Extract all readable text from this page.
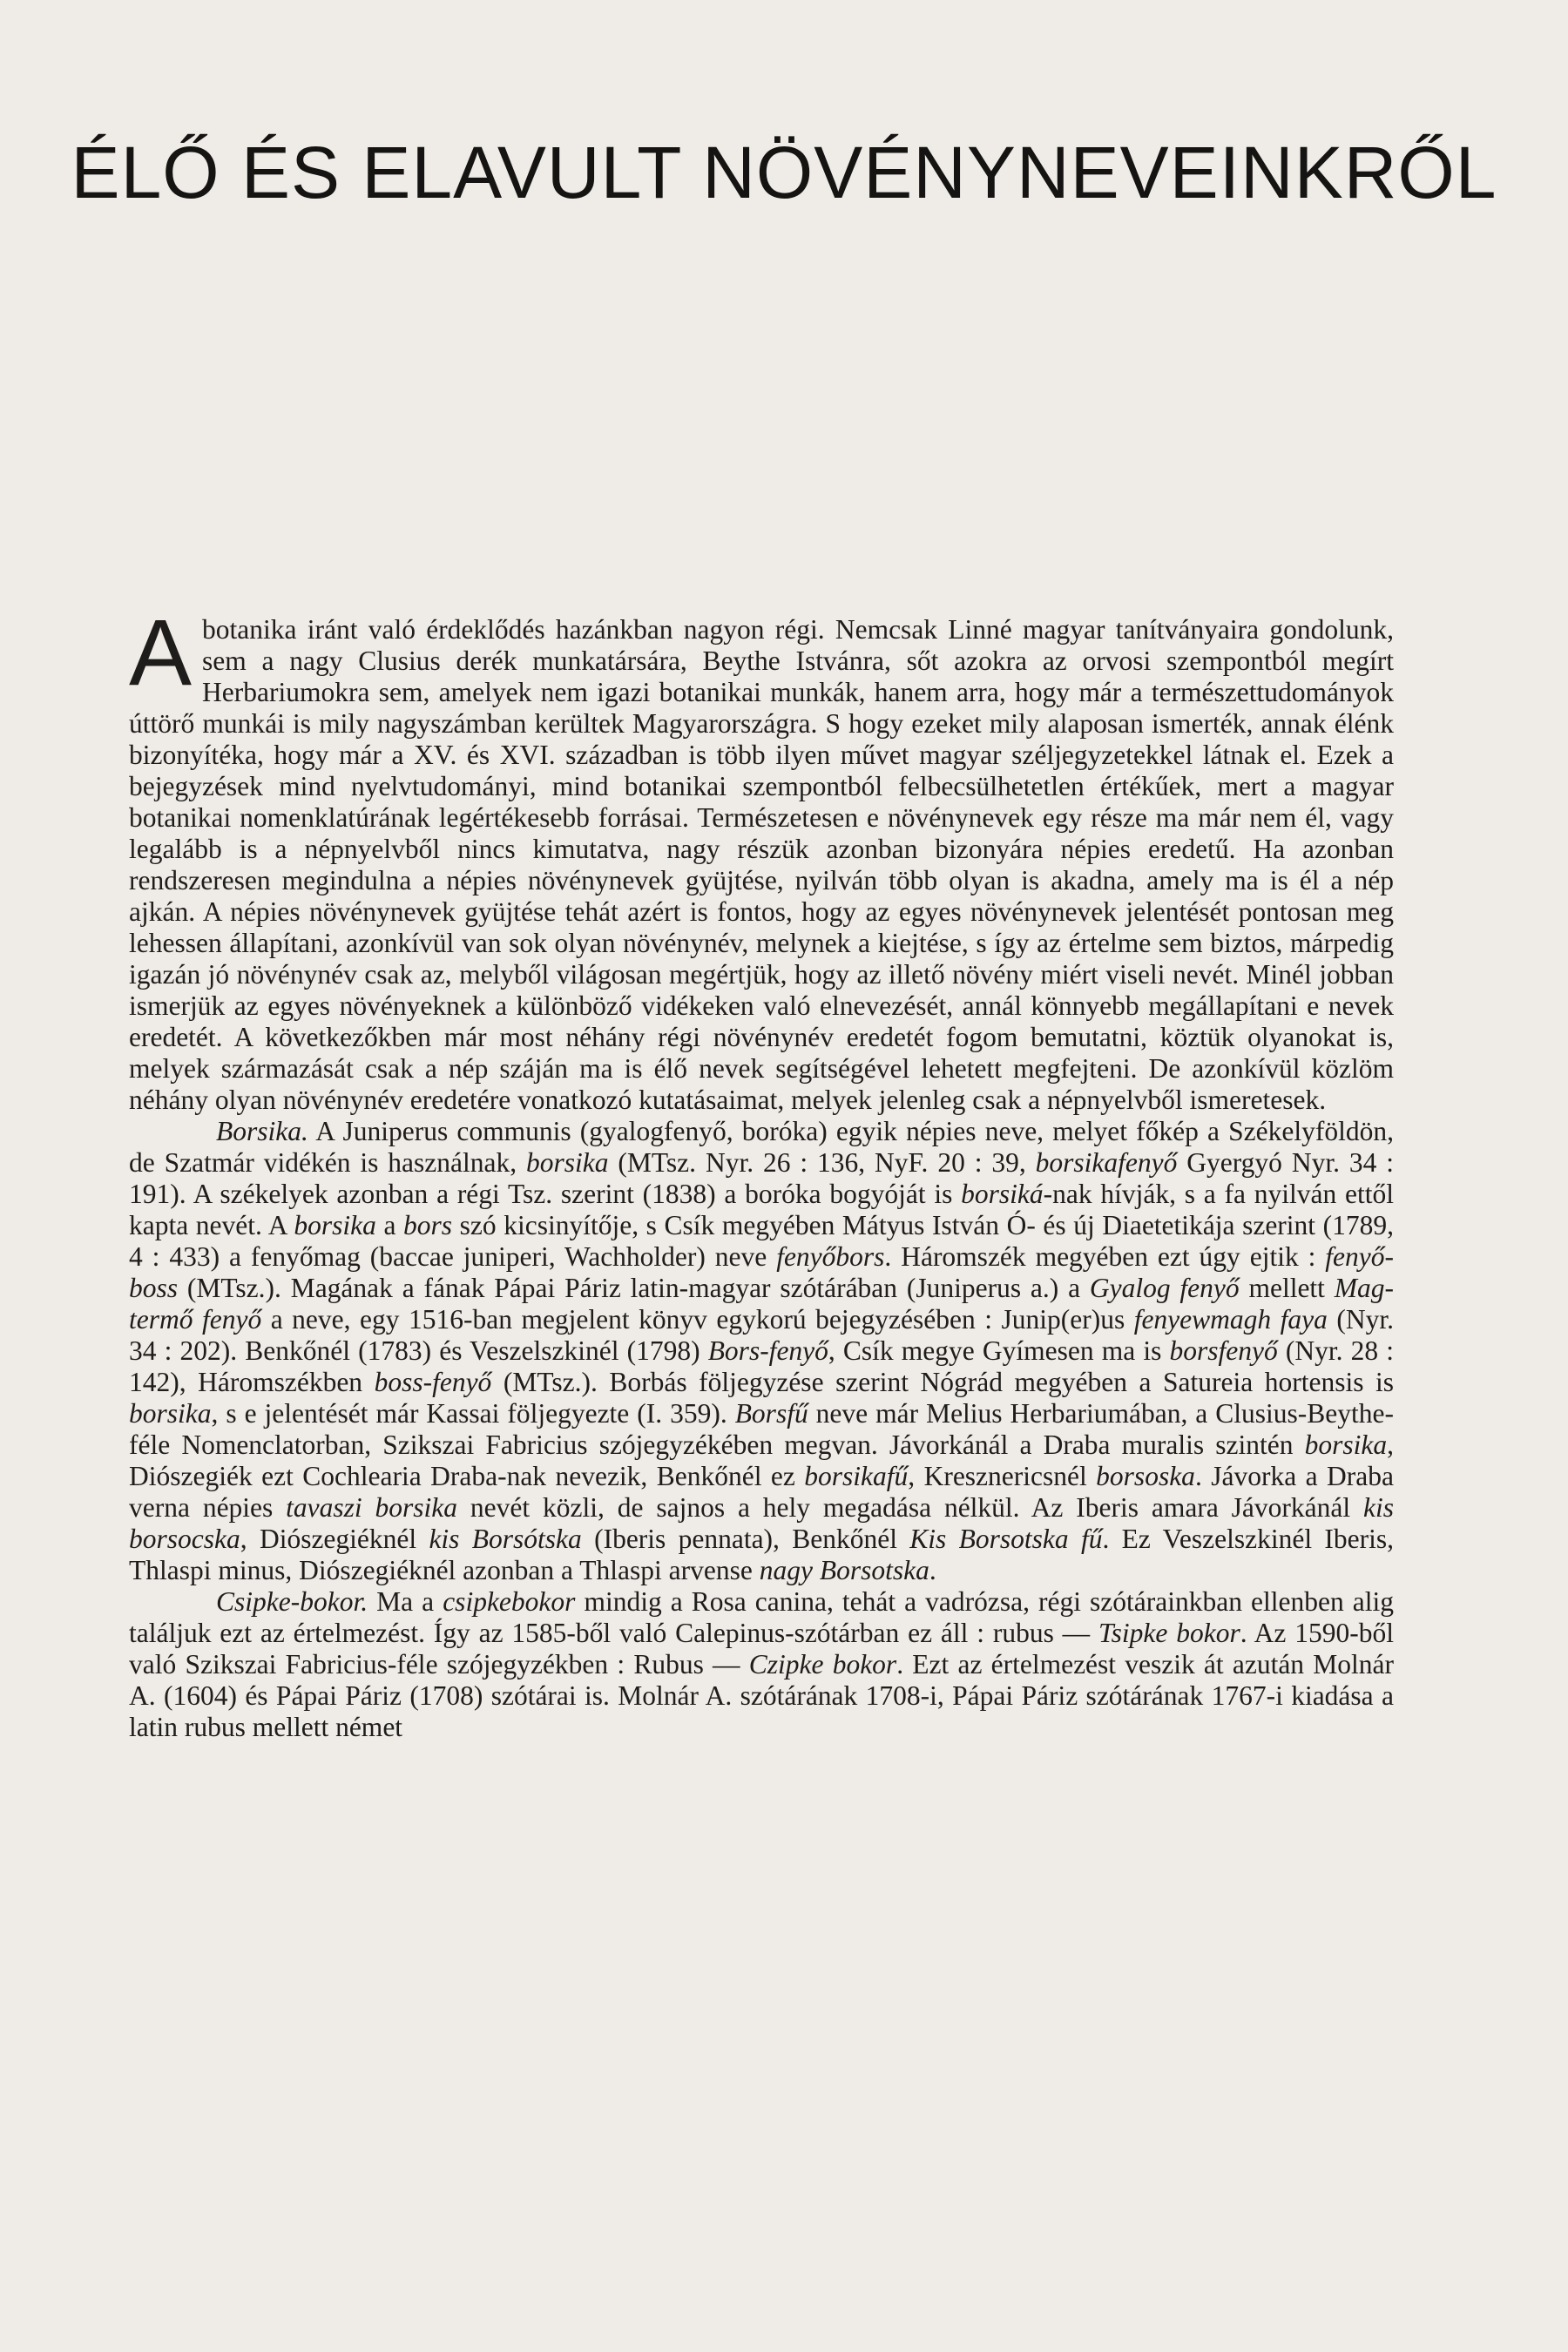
ÉLŐ ÉS ELAVULT NÖVÉNYNEVEINKRŐL

A botanika iránt való érdeklődés hazánkban nagyon régi. Nemcsak Linné magyar tanítványaira gondolunk, sem a nagy Clusius derék munkatársára, Beythe Istvánra, sőt azokra az orvosi szempontból megírt Herbariumokra sem, amelyek nem igazi botanikai munkák, hanem arra, hogy már a természettudományok úttörő munkái is mily nagyszámban kerültek Magyarországra. S hogy ezeket mily alaposan ismerték, annak élénk bizonyítéka, hogy már a XV. és XVI. században is több ilyen művet magyar széljegyzetekkel látnak el. Ezek a bejegyzések mind nyelvtudományi, mind botanikai szempontból felbecsülhetetlen értékűek, mert a magyar botanikai nomenklatúrának legértékesebb forrásai. Természetesen e növénynevek egy része ma már nem él, vagy legalább is a népnyelvből nincs kimutatva, nagy részük azonban bizonyára népies eredetű. Ha azonban rendszeresen megindulna a népies növénynevek gyüjtése, nyilván több olyan is akadna, amely ma is él a nép ajkán. A népies növénynevek gyüjtése tehát azért is fontos, hogy az egyes növénynevek jelentését pontosan meg lehessen állapítani, azonkívül van sok olyan növénynév, melynek a kiejtése, s így az értelme sem biztos, márpedig igazán jó növénynév csak az, melyből világosan megértjük, hogy az illető növény miért viseli nevét. Minél jobban ismerjük az egyes növényeknek a különböző vidékeken való elnevezését, annál könnyebb megállapítani e nevek eredetét. A következőkben már most néhány régi növénynév eredetét fogom bemutatni, köztük olyanokat is, melyek származását csak a nép száján ma is élő nevek segítségével lehetett megfejteni. De azonkívül közlöm néhány olyan növénynév eredetére vonatkozó kutatásaimat, melyek jelenleg csak a népnyelvből ismeretesek.

Borsika. A Juniperus communis (gyalogfenyő, boróka) egyik népies neve, melyet főkép a Székelyföldön, de Szatmár vidékén is használnak, borsika (MTsz. Nyr. 26 : 136, NyF. 20 : 39, borsikafenyő Gyergyó Nyr. 34 : 191). A székelyek azonban a régi Tsz. szerint (1838) a boróka bogyóját is borsiká-nak hívják, s a fa nyilván ettől kapta nevét. A borsika a bors szó kicsinyítője, s Csík megyében Mátyus István Ó- és új Diaetetikája szerint (1789, 4 : 433) a fenyőmag (baccae juniperi, Wachholder) neve fenyőbors. Háromszék megyében ezt úgy ejtik : fenyő-boss (MTsz.). Magának a fának Pápai Páriz latin-magyar szótárában (Juniperus a.) a Gyalog fenyő mellett Mag-termő fenyő a neve, egy 1516-ban megjelent könyv egykorú bejegyzésében : Junip(er)us fenyewmagh faya (Nyr. 34 : 202). Benkőnél (1783) és Veszelszkinél (1798) Bors-fenyő, Csík megye Gyímesen ma is borsfenyő (Nyr. 28 : 142), Háromszékben boss-fenyő (MTsz.). Borbás följegyzése szerint Nógrád megyében a Satureia hortensis is borsika, s e jelentését már Kassai följegyezte (I. 359). Borsfű neve már Melius Herbariumában, a Clusius-Beythe-féle Nomenclatorban, Szikszai Fabricius szójegyzékében megvan. Jávorkánál a Draba muralis szintén borsika, Diószegiék ezt Cochlearia Draba-nak nevezik, Benkőnél ez borsikafű, Kresznericsnél borsoska. Jávorka a Draba verna népies tavaszi borsika nevét közli, de sajnos a hely megadása nélkül. Az Iberis amara Jávorkánál kis borsocska, Diószegiéknél kis Borsótska (Iberis pennata), Benkőnél Kis Borsotska fű. Ez Veszelszkinél Iberis, Thlaspi minus, Diószegiéknél azonban a Thlaspi arvense nagy Borsotska.

Csipke-bokor. Ma a csipkebokor mindig a Rosa canina, tehát a vadrózsa, régi szótárainkban ellenben alig találjuk ezt az értelmezést. Így az 1585-ből való Calepinus-szótárban ez áll : rubus — Tsipke bokor. Az 1590-ből való Szikszai Fabricius-féle szójegyzékben : Rubus — Czipke bokor. Ezt az értelmezést veszik át azután Molnár A. (1604) és Pápai Páriz (1708) szótárai is. Molnár A. szótárának 1708-i, Pápai Páriz szótárának 1767-i kiadása a latin rubus mellett német
